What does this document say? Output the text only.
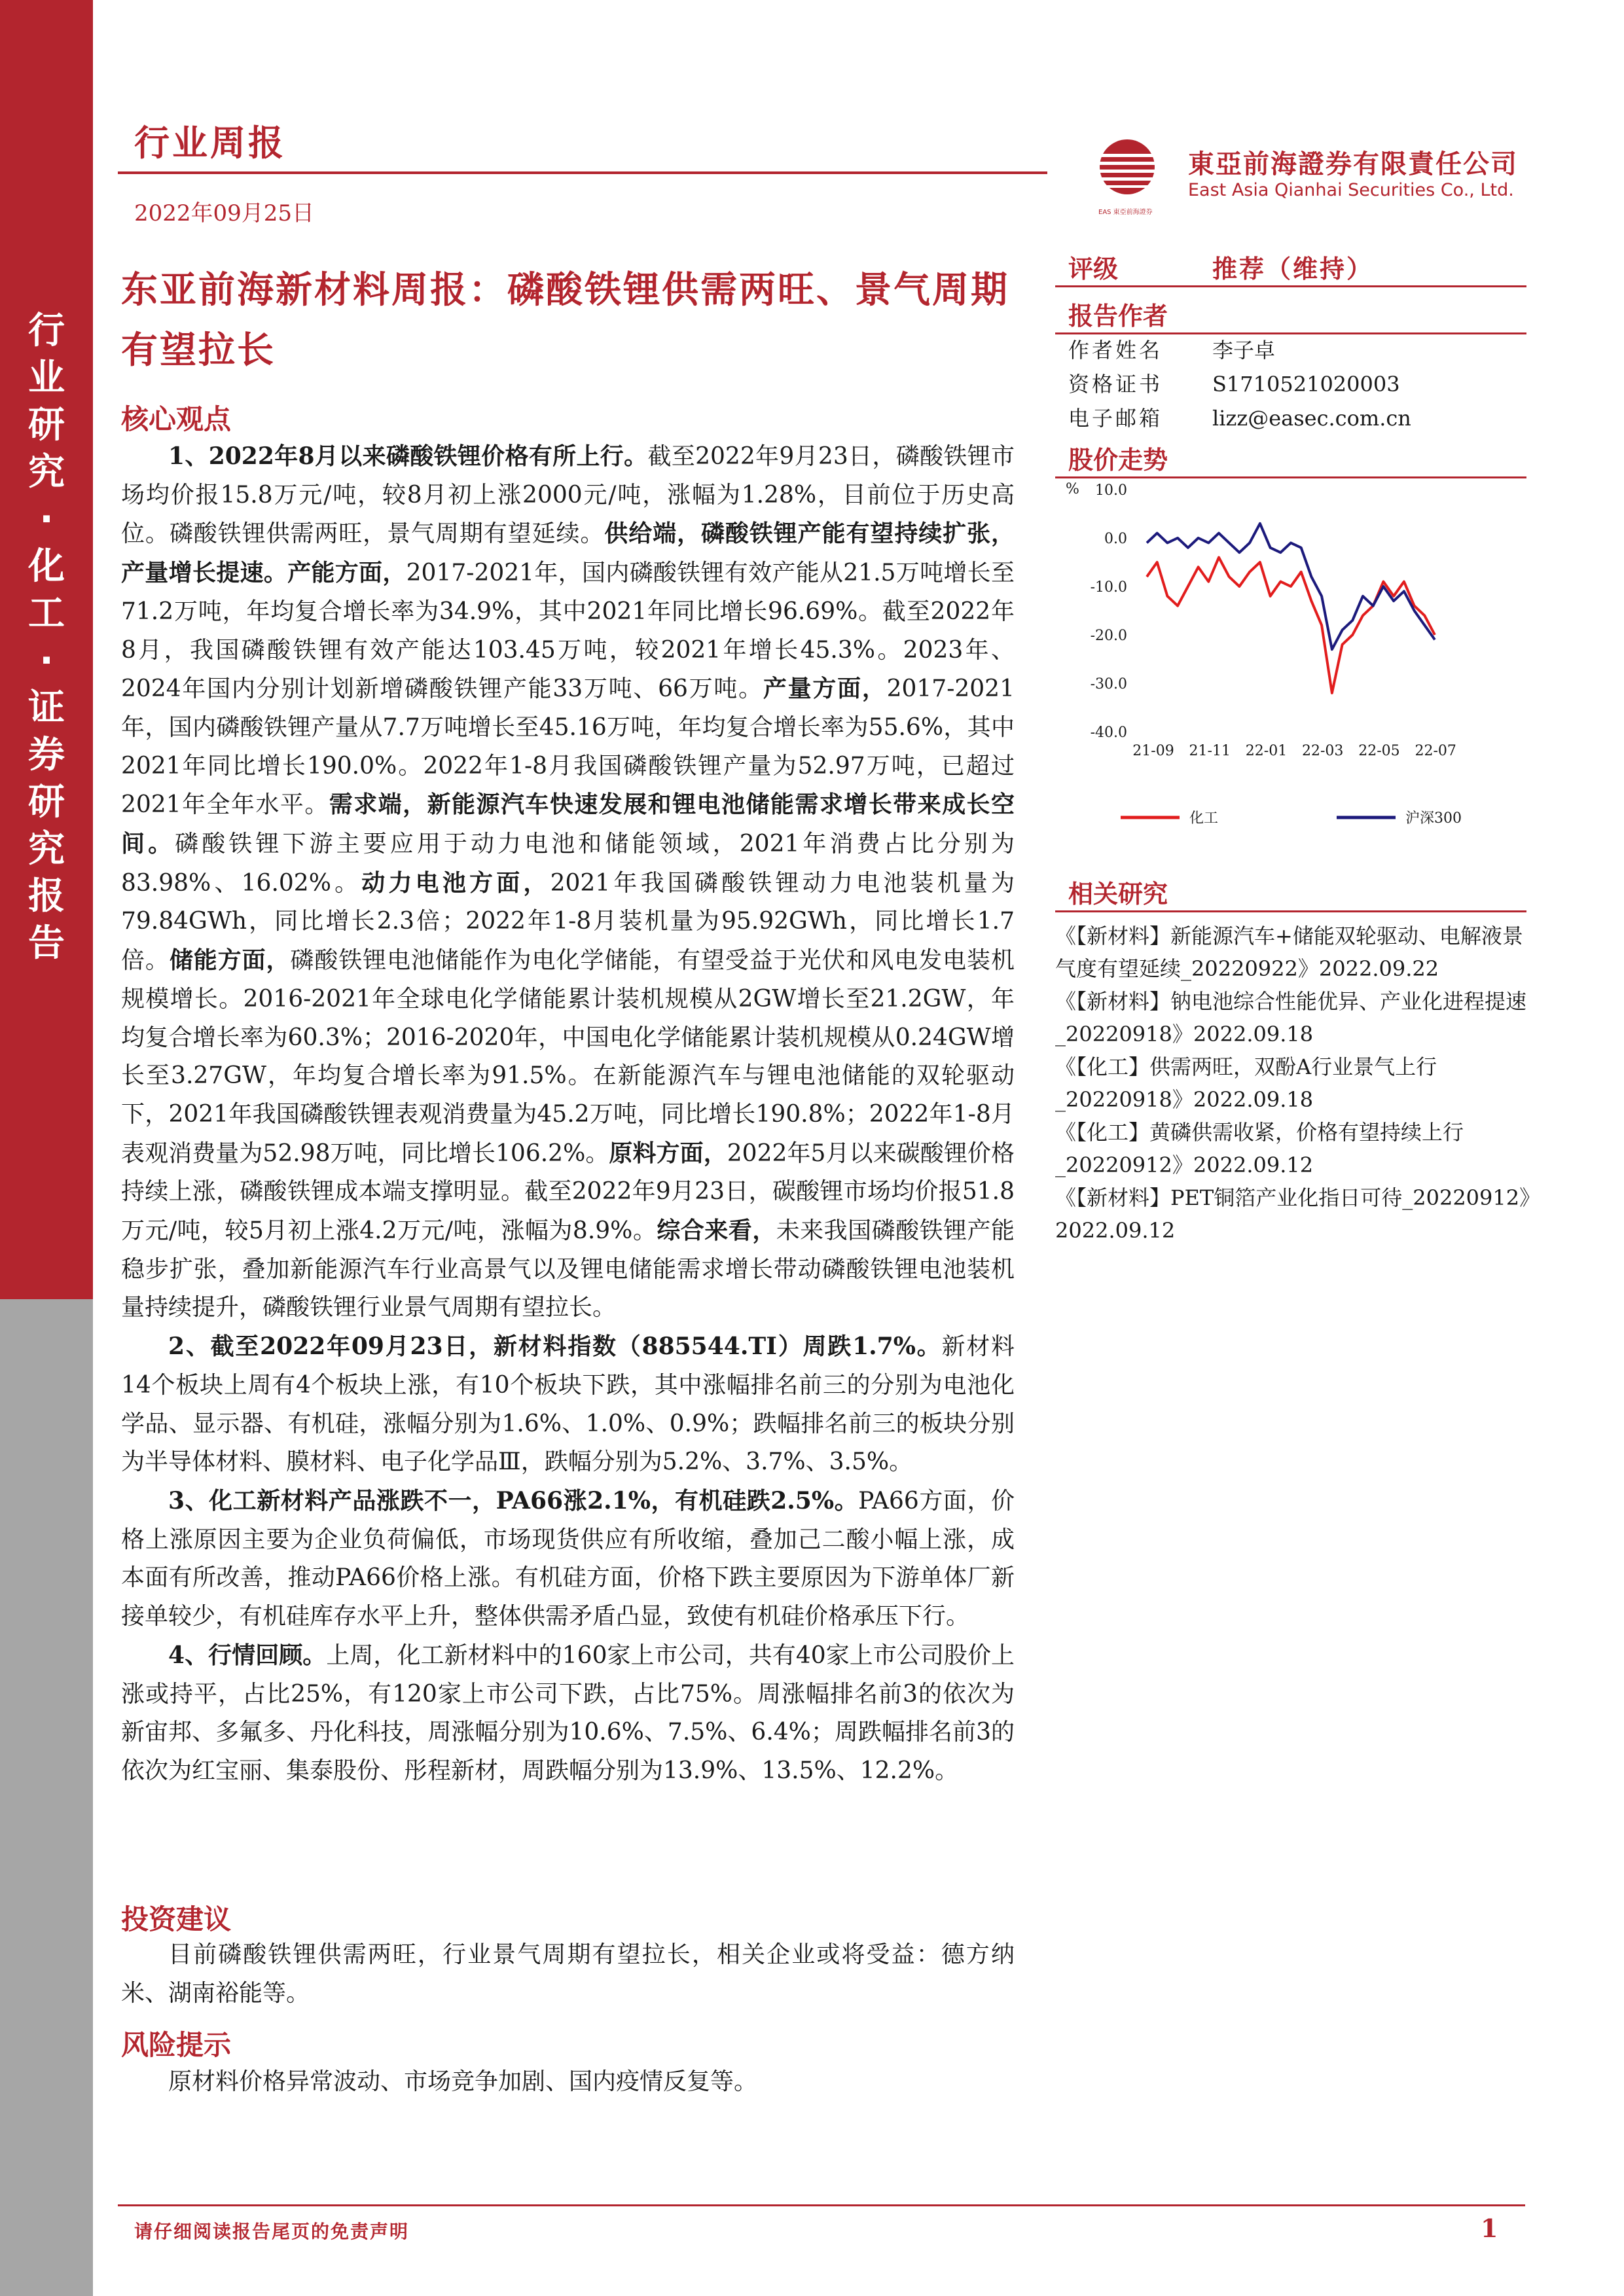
行
业
研
究
·
化
工
·
证
券
研
究
报
告
行业周报
2022年09月25日	EAS 東亞前海證券
東亞前海證券有限責任公司
East Asia Qianhai Securities Co., Ltd.
东亚前海新材料周报：磷酸铁锂供需两旺、景气周期有望拉长
核心观点

1、2022年8月以来磷酸铁锂价格有所上行。截至2022年9月23日，磷酸铁锂市场均价报15.8万元/吨，较8月初上涨2000元/吨，涨幅为1.28%，目前位于历史高位。磷酸铁锂供需两旺，景气周期有望延续。供给端，磷酸铁锂产能有望持续扩张，产量增长提速。产能方面，2017-2021年，国内磷酸铁锂有效产能从21.5万吨增长至71.2万吨，年均复合增长率为34.9%，其中2021年同比增长96.69%。截至2022年8月，我国磷酸铁锂有效产能达103.45万吨，较2021年增长45.3%。2023年、2024年国内分别计划新增磷酸铁锂产能33万吨、66万吨。产量方面，2017-2021年，国内磷酸铁锂产量从7.7万吨增长至45.16万吨，年均复合增长率为55.6%，其中2021年同比增长190.0%。2022年1-8月我国磷酸铁锂产量为52.97万吨，已超过2021年全年水平。需求端，新能源汽车快速发展和锂电池储能需求增长带来成长空间。磷酸铁锂下游主要应用于动力电池和储能领域，2021年消费占比分别为83.98%、16.02%。动力电池方面，2021年我国磷酸铁锂动力电池装机量为79.84GWh，同比增长2.3倍；2022年1-8月装机量为95.92GWh，同比增长1.7倍。储能方面，磷酸铁锂电池储能作为电化学储能，有望受益于光伏和风电发电装机规模增长。2016-2021年全球电化学储能累计装机规模从2GW增长至21.2GW，年均复合增长率为60.3%；2016-2020年，中国电化学储能累计装机规模从0.24GW增长至3.27GW，年均复合增长率为91.5%。在新能源汽车与锂电池储能的双轮驱动下，2021年我国磷酸铁锂表观消费量为45.2万吨，同比增长190.8%；2022年1-8月表观消费量为52.98万吨，同比增长106.2%。原料方面，2022年5月以来碳酸锂价格持续上涨，磷酸铁锂成本端支撑明显。截至2022年9月23日，碳酸锂市场均价报51.8万元/吨，较5月初上涨4.2万元/吨，涨幅为8.9%。综合来看，未来我国磷酸铁锂产能稳步扩张，叠加新能源汽车行业高景气以及锂电储能需求增长带动磷酸铁锂电池装机量持续提升，磷酸铁锂行业景气周期有望拉长。

2、截至2022年09月23日，新材料指数（885544.TI）周跌1.7%。新材料14个板块上周有4个板块上涨，有10个板块下跌，其中涨幅排名前三的分别为电池化学品、显示器、有机硅，涨幅分别为1.6%、1.0%、0.9%；跌幅排名前三的板块分别为半导体材料、膜材料、电子化学品Ⅲ，跌幅分别为5.2%、3.7%、3.5%。

3、化工新材料产品涨跌不一，PA66涨2.1%，有机硅跌2.5%。PA66方面，价格上涨原因主要为企业负荷偏低，市场现货供应有所收缩，叠加己二酸小幅上涨，成本面有所改善，推动PA66价格上涨。有机硅方面，价格下跌主要原因为下游单体厂新接单较少，有机硅库存水平上升，整体供需矛盾凸显，致使有机硅价格承压下行。

4、行情回顾。上周，化工新材料中的160家上市公司，共有40家上市公司股价上涨或持平，占比25%，有120家上市公司下跌，占比75%。周涨幅排名前3的依次为新宙邦、多氟多、丹化科技，周涨幅分别为10.6%、7.5%、6.4%；周跌幅排名前3的依次为红宝丽、集泰股份、彤程新材，周跌幅分别为13.9%、13.5%、12.2%。

投资建议

目前磷酸铁锂供需两旺，行业景气周期有望拉长，相关企业或将受益：德方纳米、湖南裕能等。

风险提示

原材料价格异常波动、市场竞争加剧、国内疫情反复等。

评级	推荐（维持）
报告作者
作者姓名 李子卓
资格证书 S1710521020003
电子邮箱 lizz@easec.com.cn
股价走势
% 10.0
0.0
-10.0
-20.0
-30.0
-40.0
21-09 21-11 22-01 22-03 22-05 22-07
化工	沪深300
相关研究

《【新材料】新能源汽车+储能双轮驱动、电解液景气度有望延续_20220922》2022.09.22

《【新材料】钠电池综合性能优异、产业化进程提速_20220918》2022.09.18

《【化工】供需两旺，双酚A行业景气上行_20220918》2022.09.18

《【化工】黄磷供需收紧，价格有望持续上行_20220912》2022.09.12

《【新材料】PET铜箔产业化指日可待_20220912》2022.09.12

请仔细阅读报告尾页的免责声明	1
